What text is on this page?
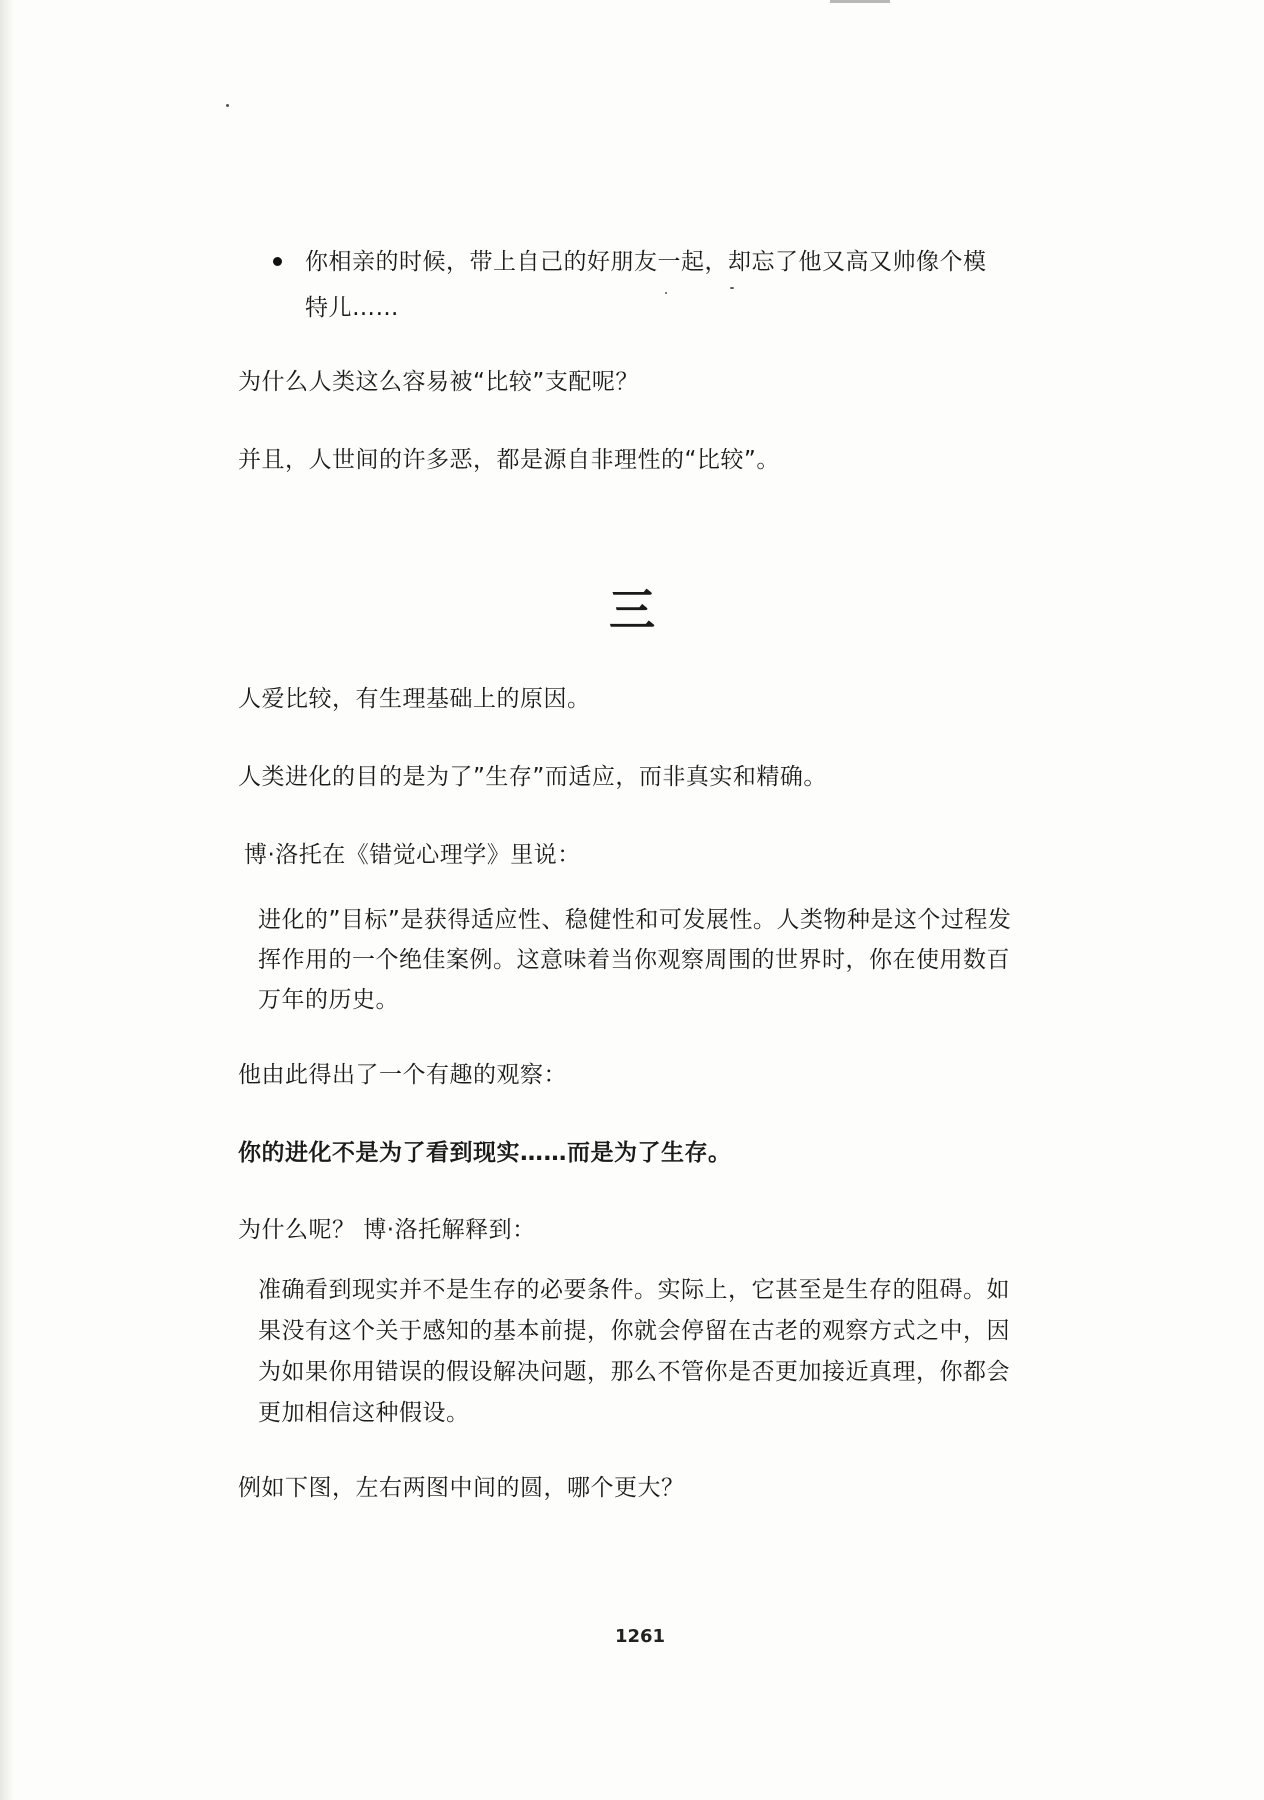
你相亲的时候，带上自己的好朋友一起，却忘了他又高又帅像个模

特儿……

为什么人类这么容易被“比较”支配呢？

并且，人世间的许多恶，都是源自非理性的“比较”。

三

人爱比较，有生理基础上的原因。

人类进化的目的是为了”生存”而适应，而非真实和精确。

博·洛托在《错觉心理学》里说：

进化的”目标”是获得适应性、稳健性和可发展性。人类物种是这个过程发

挥作用的一个绝佳案例。这意味着当你观察周围的世界时，你在使用数百

万年的历史。

他由此得出了一个有趣的观察：

你的进化不是为了看到现实……而是为了生存。

为什么呢？ 博·洛托解释到：

准确看到现实并不是生存的必要条件。实际上，它甚至是生存的阻碍。如

果没有这个关于感知的基本前提，你就会停留在古老的观察方式之中，因

为如果你用错误的假设解决问题，那么不管你是否更加接近真理，你都会

更加相信这种假设。

例如下图，左右两图中间的圆，哪个更大？

1261
